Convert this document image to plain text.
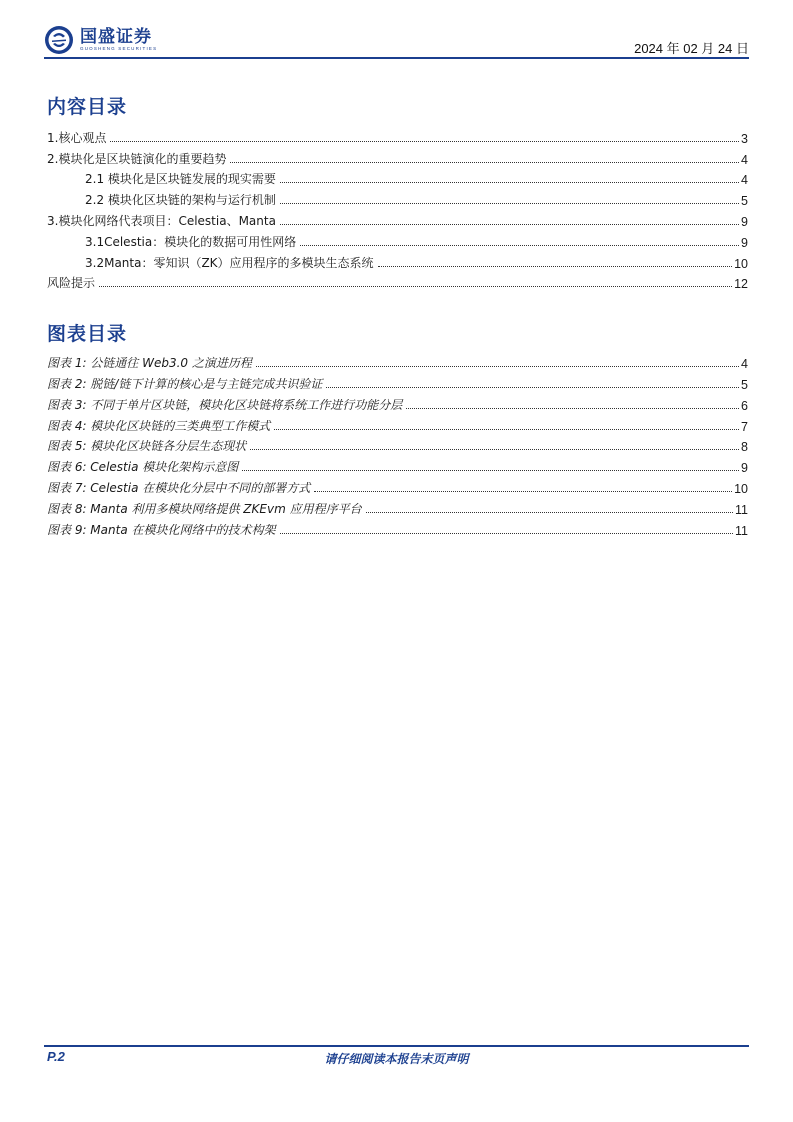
国盛证券
GUOSHENG SECURITIES	2024 年 02 月 24 日
内容目录
1.核心观点	3
2.模块化是区块链演化的重要趋势	4
2.1 模块化是区块链发展的现实需要	4
2.2 模块化区块链的架构与运行机制	5
3.模块化网络代表项目：Celestia、Manta	9
3.1Celestia：模块化的数据可用性网络	9
3.2Manta：零知识（ZK）应用程序的多模块生态系统	10
风险提示	12
图表目录
图表 1: 公链通往 Web3.0 之演进历程	4
图表 2: 脱链/链下计算的核心是与主链完成共识验证	5
图表 3: 不同于单片区块链，模块化区块链将系统工作进行功能分层	6
图表 4: 模块化区块链的三类典型工作模式	7
图表 5: 模块化区块链各分层生态现状	8
图表 6: Celestia 模块化架构示意图	9
图表 7: Celestia 在模块化分层中不同的部署方式	10
图表 8: Manta 利用多模块网络提供 ZKEvm 应用程序平台	11
图表 9: Manta 在模块化网络中的技术构架	11
P.2	请仔细阅读本报告末页声明
